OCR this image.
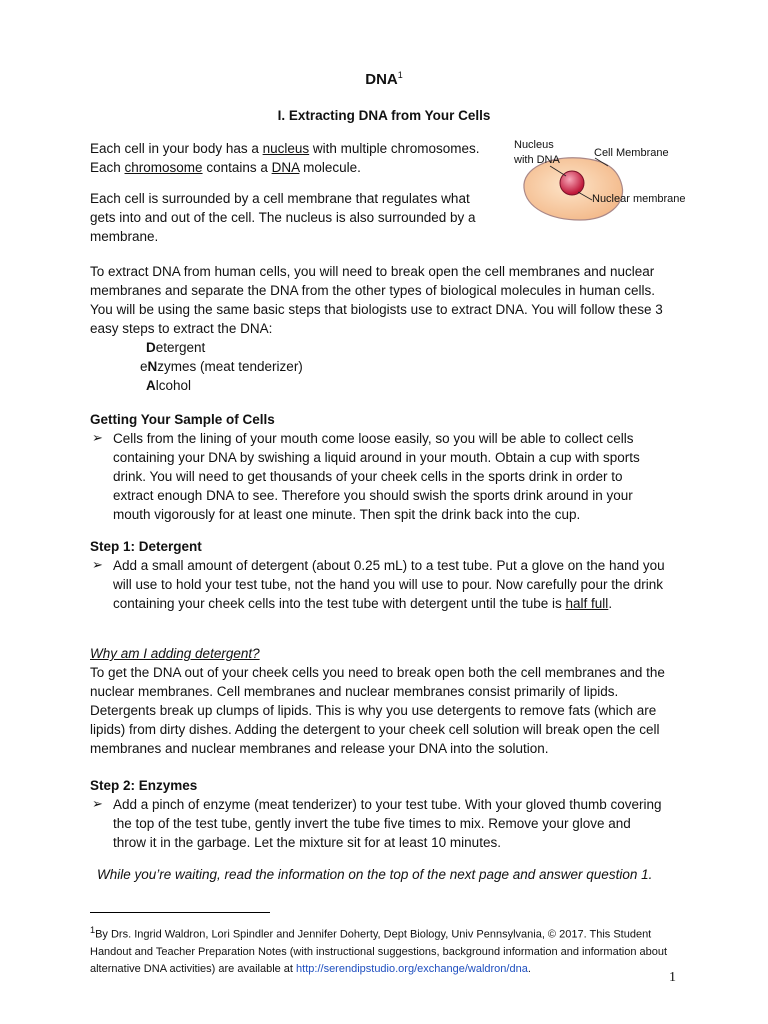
DNA$^1$
I. Extracting DNA from Your Cells
Each cell in your body has a nucleus with multiple chromosomes.
Each chromosome contains a DNA molecule.
Each cell is surrounded by a cell membrane that regulates what gets into and out of the cell. The nucleus is also surrounded by a membrane.
Nucleus
with DNA
Cell Membrane
Nuclear membrane
To extract DNA from human cells, you will need to break open the cell membranes and nuclear membranes and separate the DNA from the other types of biological molecules in human cells. You will be using the same basic steps that biologists use to extract DNA. You will follow these 3 easy steps to extract the DNA:
Detergent
eNzymes (meat tenderizer)
Alcohol
Getting Your Sample of Cells
➢ Cells from the lining of your mouth come loose easily, so you will be able to collect cells containing your DNA by swishing a liquid around in your mouth. Obtain a cup with sports drink. You will need to get thousands of your cheek cells in the sports drink in order to extract enough DNA to see. Therefore you should swish the sports drink around in your mouth vigorously for at least one minute. Then spit the drink back into the cup.
Step 1: Detergent
➢ Add a small amount of detergent (about 0.25 mL) to a test tube. Put a glove on the hand you will use to hold your test tube, not the hand you will use to pour. Now carefully pour the drink containing your cheek cells into the test tube with detergent until the tube is half full.
Why am I adding detergent?
To get the DNA out of your cheek cells you need to break open both the cell membranes and the nuclear membranes. Cell membranes and nuclear membranes consist primarily of lipids. Detergents break up clumps of lipids. This is why you use detergents to remove fats (which are lipids) from dirty dishes. Adding the detergent to your cheek cell solution will break open the cell membranes and nuclear membranes and release your DNA into the solution.
Step 2: Enzymes
➢ Add a pinch of enzyme (meat tenderizer) to your test tube. With your gloved thumb covering the top of the test tube, gently invert the tube five times to mix. Remove your glove and throw it in the garbage. Let the mixture sit for at least 10 minutes.
While you’re waiting, read the information on the top of the next page and answer question 1.
$^1$By Drs. Ingrid Waldron, Lori Spindler and Jennifer Doherty, Dept Biology, Univ Pennsylvania, © 2017. This Student Handout and Teacher Preparation Notes (with instructional suggestions, background information and information about alternative DNA activities) are available at http://serendipstudio.org/exchange/waldron/dna.
1
